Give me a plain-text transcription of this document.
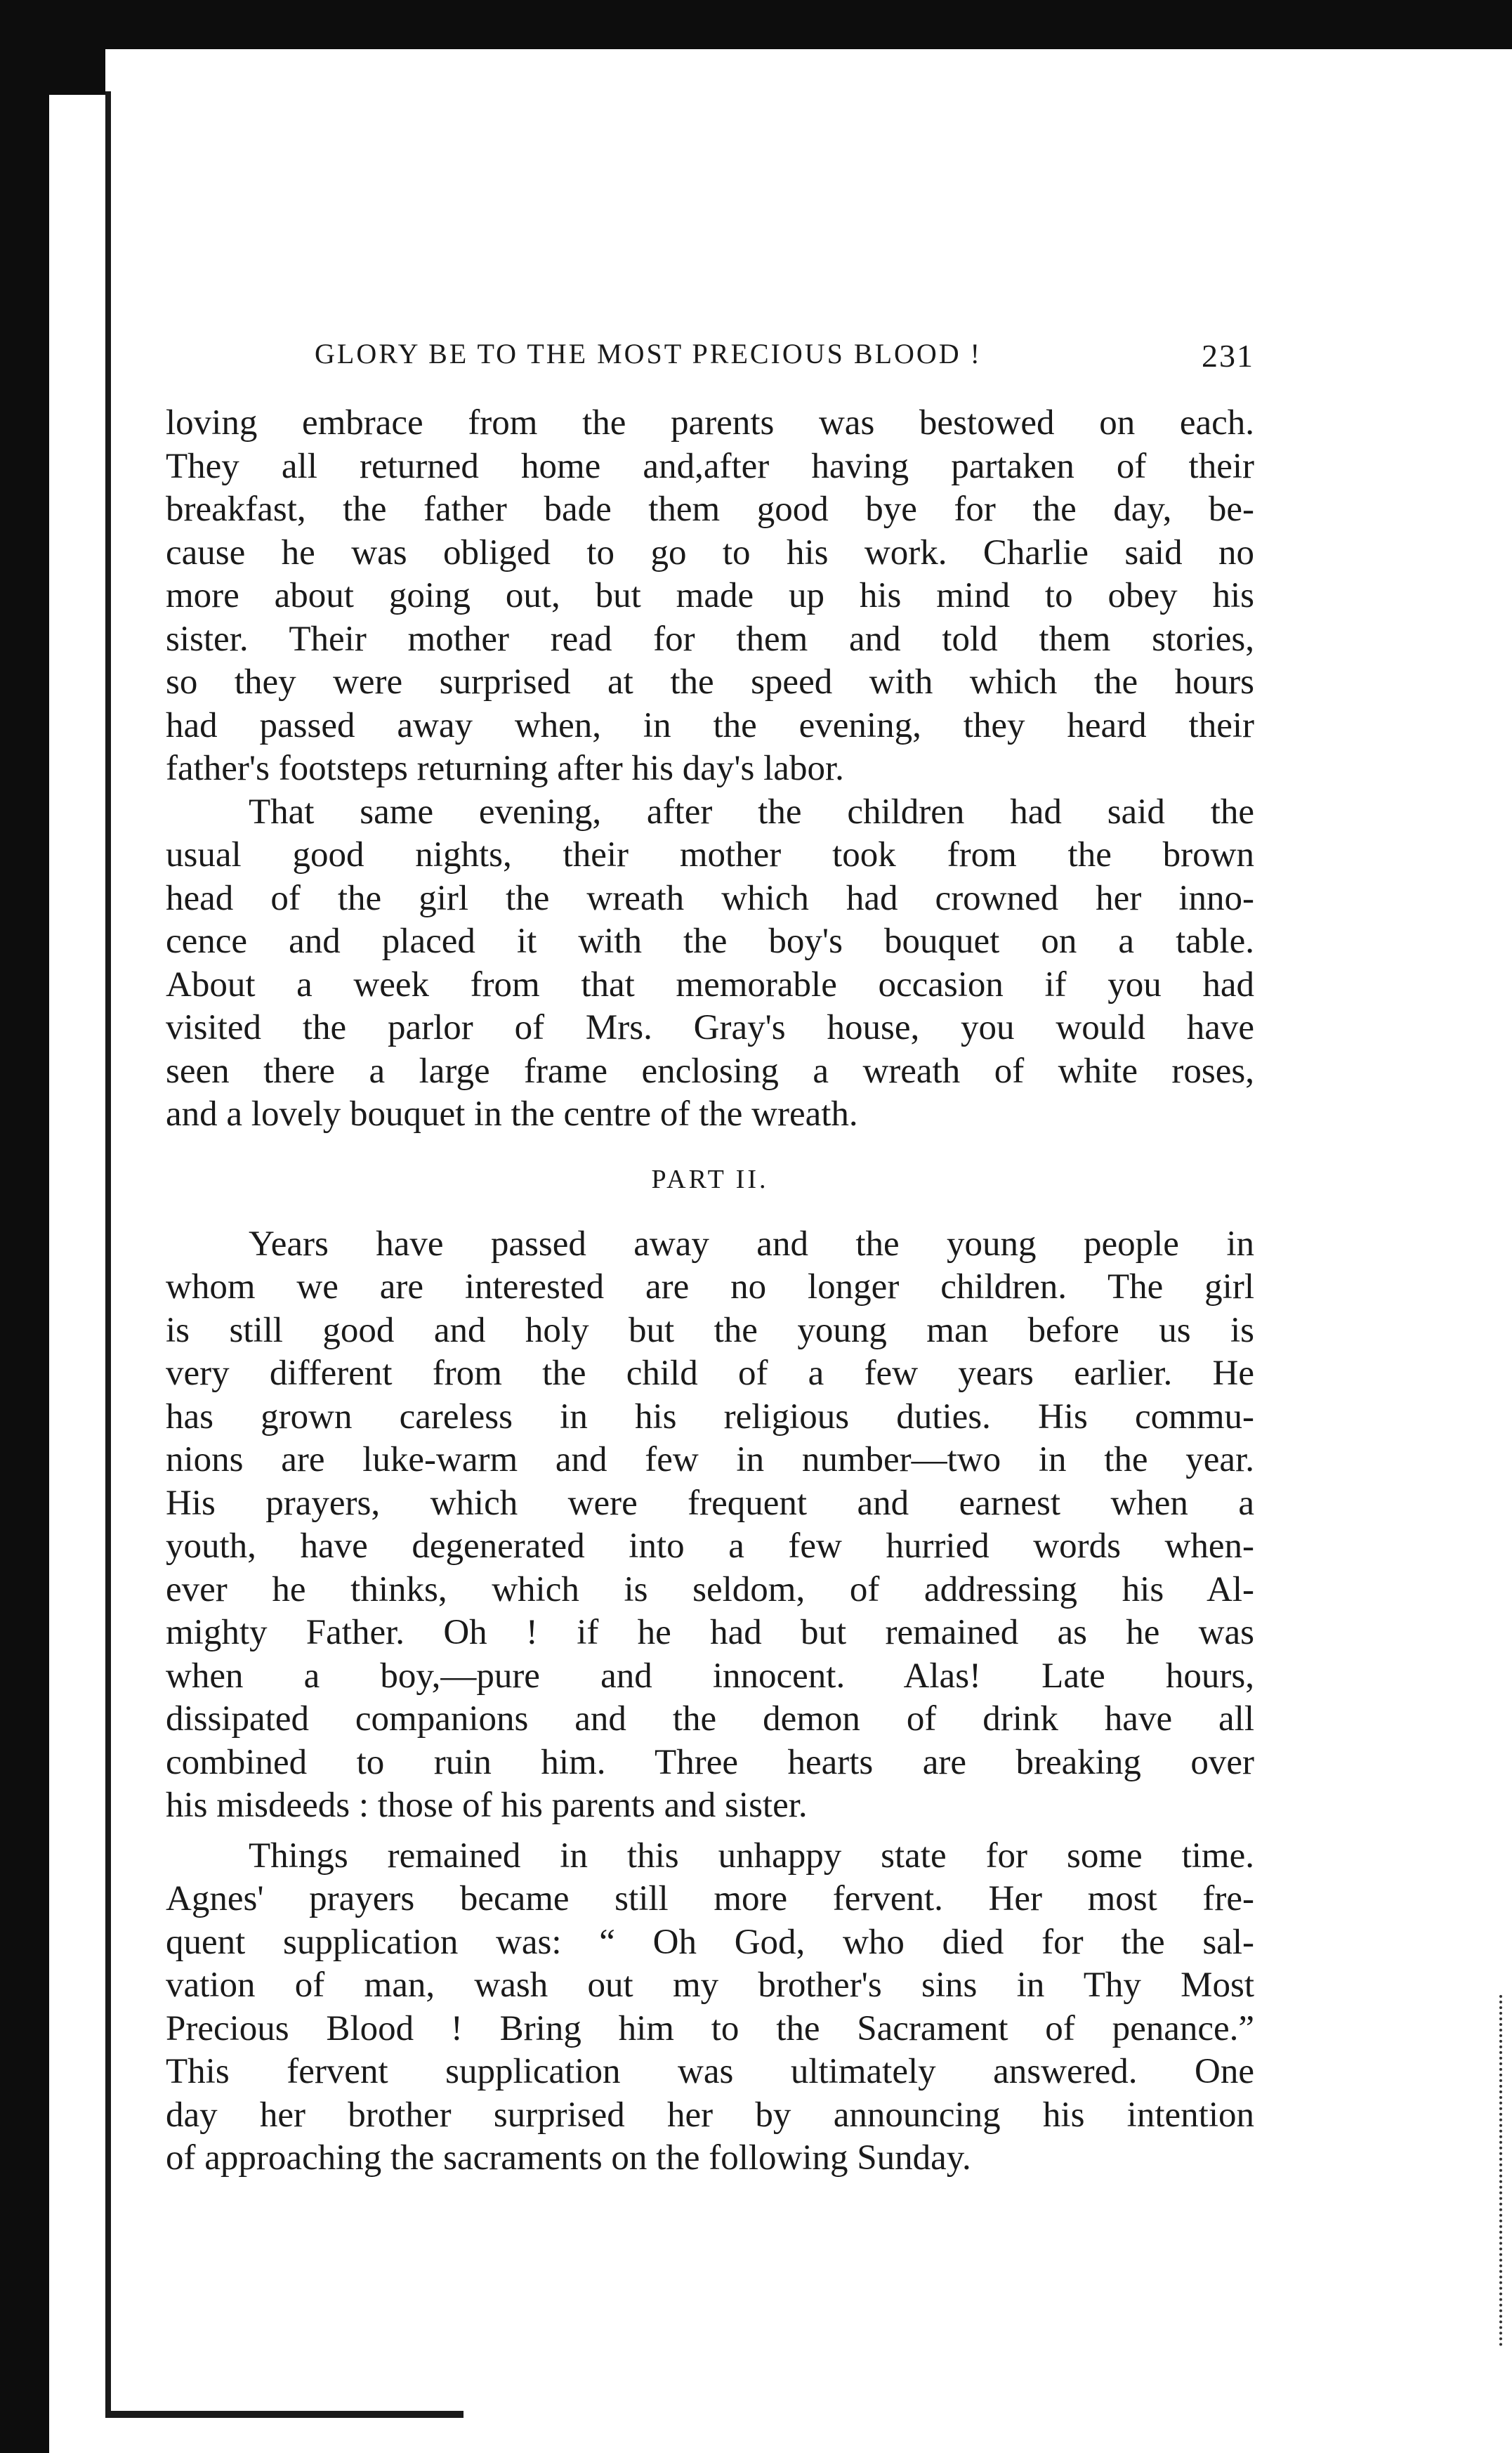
GLORY BE TO THE MOST PRECIOUS BLOOD !	231
loving embrace from the parents was bestowed on each.
They all returned home and,after having partaken of their
breakfast, the father bade them good bye for the day, be-
cause he was obliged to go to his work. Charlie said no
more about going out, but made up his mind to obey his
sister. Their mother read for them and told them stories,
so they were surprised at the speed with which the hours
had passed away when, in the evening, they heard their
father's footsteps returning after his day's labor.
That same evening, after the children had said the
usual good nights, their mother took from the brown
head of the girl the wreath which had crowned her inno-
cence and placed it with the boy's bouquet on a table.
About a week from that memorable occasion if you had
visited the parlor of Mrs. Gray's house, you would have
seen there a large frame enclosing a wreath of white roses,
and a lovely bouquet in the centre of the wreath.
PART II.
Years have passed away and the young people in
whom we are interested are no longer children. The girl
is still good and holy but the young man before us is
very different from the child of a few years earlier. He
has grown careless in his religious duties. His commu-
nions are luke-warm and few in number—two in the year.
His prayers, which were frequent and earnest when a
youth, have degenerated into a few hurried words when-
ever he thinks, which is seldom, of addressing his Al-
mighty Father. Oh ! if he had but remained as he was
when a boy,—pure and innocent. Alas! Late hours,
dissipated companions and the demon of drink have all
combined to ruin him. Three hearts are breaking over
his misdeeds : those of his parents and sister.
Things remained in this unhappy state for some time.
Agnes' prayers became still more fervent. Her most fre-
quent supplication was: “ Oh God, who died for the sal-
vation of man, wash out my brother's sins in Thy Most
Precious Blood ! Bring him to the Sacrament of penance.”
This fervent supplication was ultimately answered. One
day her brother surprised her by announcing his intention
of approaching the sacraments on the following Sunday.
